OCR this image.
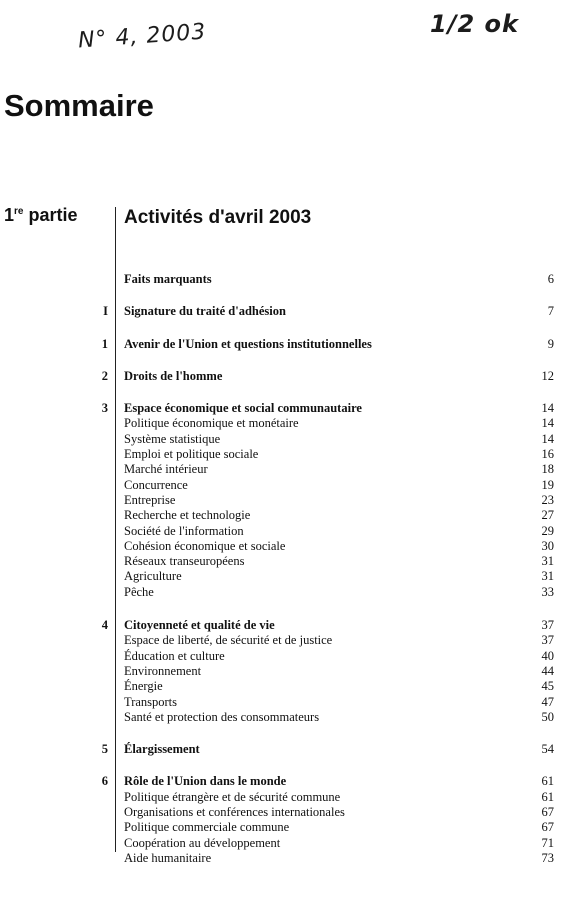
N° 4, 2003	1/2 ok
Sommaire
1re partie Activités d'avril 2003
Faits marquants	6
I Signature du traité d'adhésion	7
1 Avenir de l'Union et questions institutionnelles	9
2 Droits de l'homme	12
3 Espace économique et social communautaire	14
Politique économique et monétaire	14
Système statistique	14
Emploi et politique sociale	16
Marché intérieur	18
Concurrence	19
Entreprise	23
Recherche et technologie	27
Société de l'information	29
Cohésion économique et sociale	30
Réseaux transeuropéens	31
Agriculture	31
Pêche	33
4 Citoyenneté et qualité de vie	37
Espace de liberté, de sécurité et de justice	37
Éducation et culture	40
Environnement	44
Énergie	45
Transports	47
Santé et protection des consommateurs	50
5 Élargissement	54
6 Rôle de l'Union dans le monde	61
Politique étrangère et de sécurité commune	61
Organisations et conférences internationales	67
Politique commerciale commune	67
Coopération au développement	71
Aide humanitaire	73
